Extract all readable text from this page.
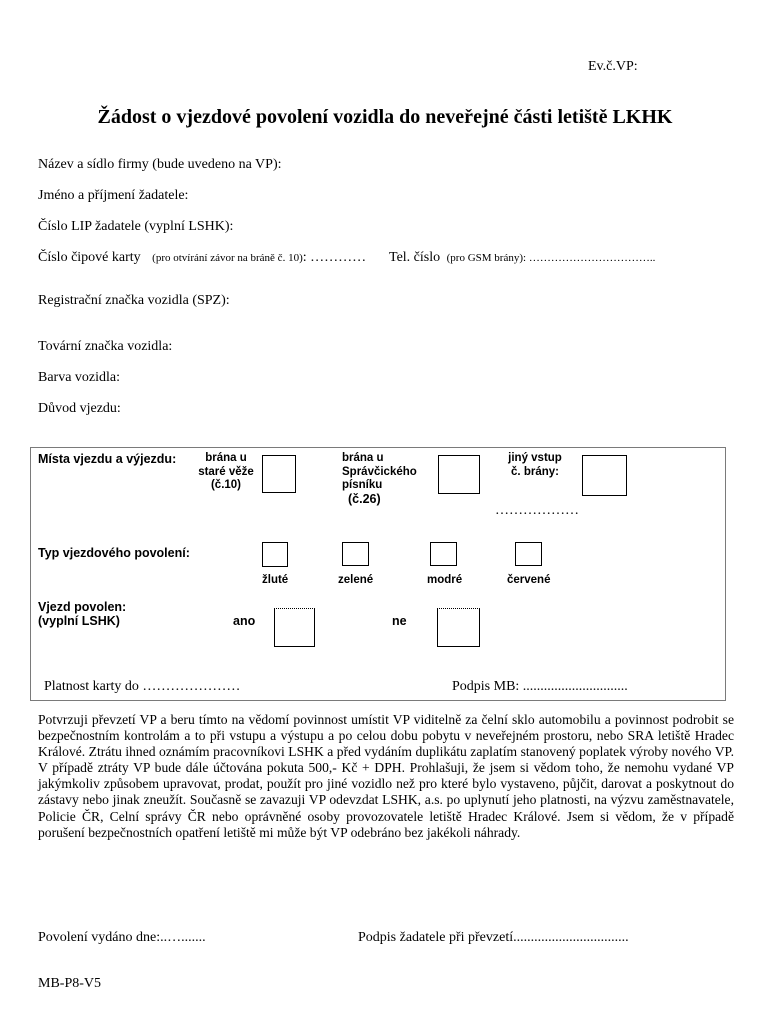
Ev.č.VP:
Žádost o vjezdové povolení vozidla do neveřejné části letiště LKHK
Název a sídlo firmy (bude uvedeno na VP):
Jméno a příjmení žadatele:
Číslo LIP žadatele (vyplní LSHK):
Číslo čipové karty (pro otvírání závor na bráně č. 10): ………… Tel. číslo (pro GSM brány): ……………………………..
Registrační značka vozidla (SPZ):
Tovární značka vozidla:
Barva vozidla:
Důvod vjezdu:
Místa vjezdu a výjezdu:	brána u
staré věže
(č.10)
brána u
Správčického
písníku
(č.26)
jiný vstup
č. brány:
………………
Typ vjezdového povolení:
žluté	zelené	modré	červené
Vjezd povolen:
(vyplní LSHK)	ano	ne
Platnost karty do …………………	Podpis MB: ..............................
Potvrzuji převzetí VP a beru tímto na vědomí povinnost umístit VP viditelně za čelní sklo automobilu a povinnost podrobit se bezpečnostním kontrolám a to při vstupu a výstupu a po celou dobu pobytu v neveřejném prostoru, nebo SRA letiště Hradec Králové. Ztrátu ihned oznámím pracovníkovi LSHK a před vydáním duplikátu zaplatím stanovený poplatek výroby nového VP. V případě ztráty VP bude dále účtována pokuta 500,- Kč + DPH. Prohlašuji, že jsem si vědom toho, že nemohu vydané VP jakýmkoliv způsobem upravovat, prodat, použít pro jiné vozidlo než pro které bylo vystaveno, půjčit, darovat a poskytnout do zástavy nebo jinak zneužít. Současně se zavazuji VP odevzdat LSHK, a.s. po uplynutí jeho platnosti, na výzvu zaměstnavatele, Policie ČR, Celní správy ČR nebo oprávněné osoby provozovatele letiště Hradec Králové. Jsem si vědom, že v případě porušení bezpečnostních opatření letiště mi může být VP odebráno bez jakékoli náhrady.
Povolení vydáno dne:..….......	Podpis žadatele při převzetí.................................
MB-P8-V5
